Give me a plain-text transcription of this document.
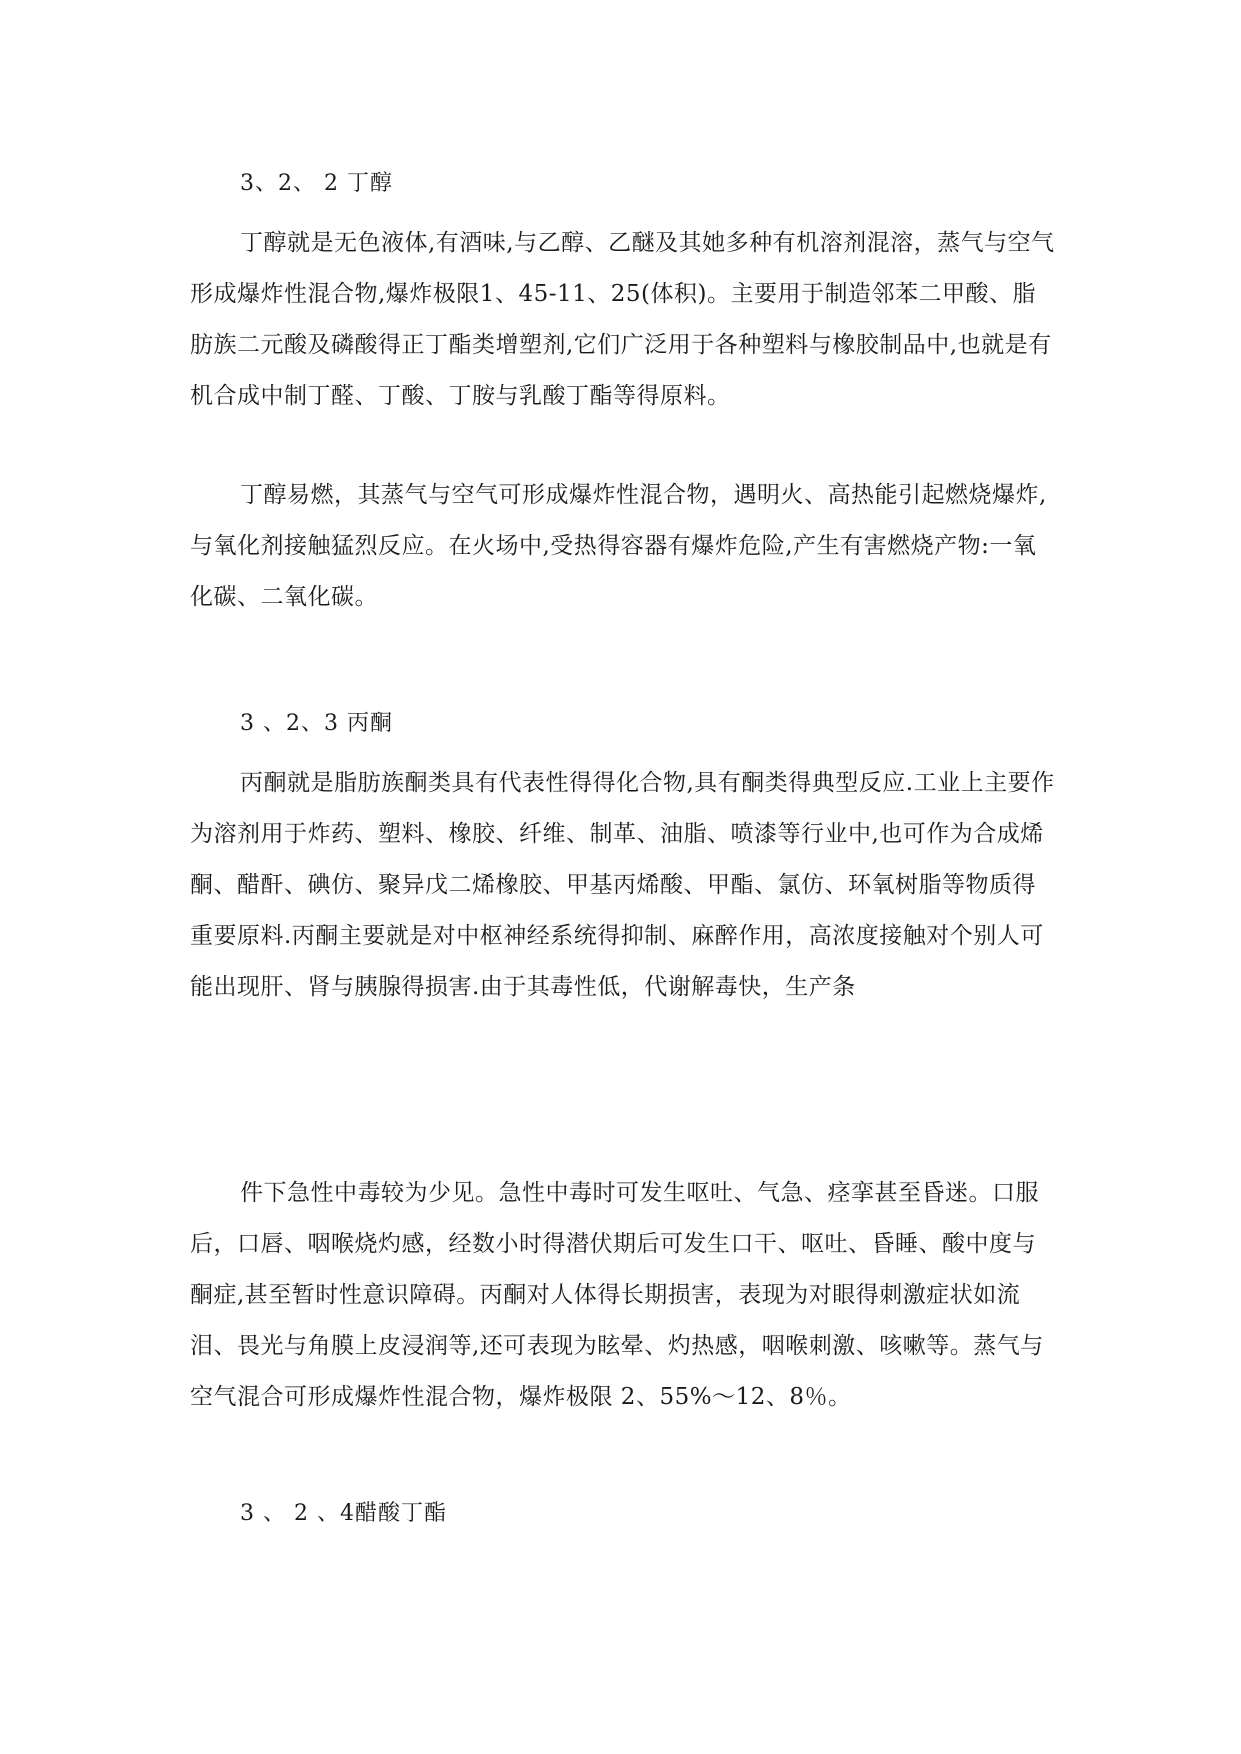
3、2、 2 丁醇
丁醇就是无色液体,有酒味,与乙醇、乙醚及其她多种有机溶剂混溶，蒸气与空气形成爆炸性混合物,爆炸极限1、45-11、25(体积)。主要用于制造邻苯二甲酸、脂肪族二元酸及磷酸得正丁酯类增塑剂,它们广泛用于各种塑料与橡胶制品中,也就是有机合成中制丁醛、丁酸、丁胺与乳酸丁酯等得原料。
丁醇易燃，其蒸气与空气可形成爆炸性混合物，遇明火、高热能引起燃烧爆炸,与氧化剂接触猛烈反应。在火场中,受热得容器有爆炸危险,产生有害燃烧产物:一氧化碳、二氧化碳。
3 、2、3 丙酮
丙酮就是脂肪族酮类具有代表性得得化合物,具有酮类得典型反应.工业上主要作为溶剂用于炸药、塑料、橡胶、纤维、制革、油脂、喷漆等行业中,也可作为合成烯酮、醋酐、碘仿、聚异戊二烯橡胶、甲基丙烯酸、甲酯、氯仿、环氧树脂等物质得重要原料.丙酮主要就是对中枢神经系统得抑制、麻醉作用，高浓度接触对个别人可能出现肝、肾与胰腺得损害.由于其毒性低，代谢解毒快，生产条
件下急性中毒较为少见。急性中毒时可发生呕吐、气急、痉挛甚至昏迷。口服后，口唇、咽喉烧灼感，经数小时得潜伏期后可发生口干、呕吐、昏睡、酸中度与酮症,甚至暂时性意识障碍。丙酮对人体得长期损害，表现为对眼得刺激症状如流泪、畏光与角膜上皮浸润等,还可表现为眩晕、灼热感，咽喉刺激、咳嗽等。蒸气与空气混合可形成爆炸性混合物，爆炸极限 2、55%～12、8％。
3 、 2 、4醋酸丁酯
